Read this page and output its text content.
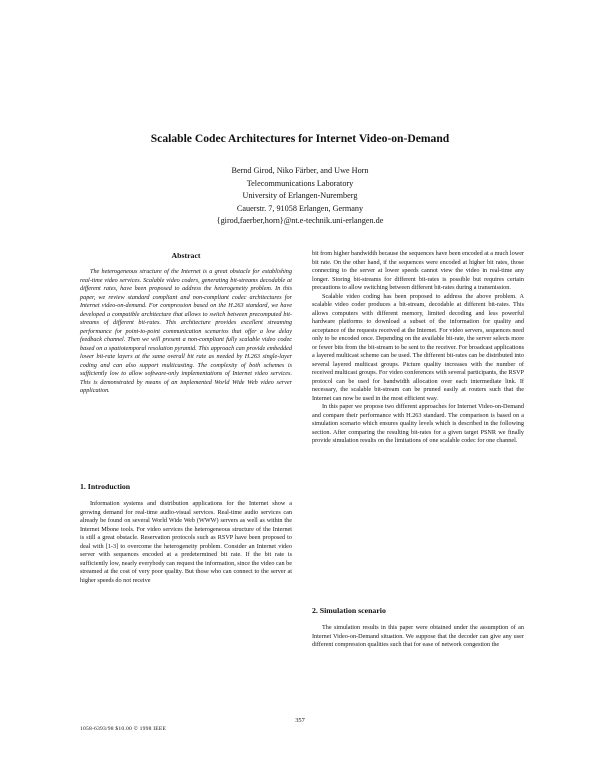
Scalable Codec Architectures for Internet Video-on-Demand
Bernd Girod, Niko Färber, and Uwe Horn
Telecommunications Laboratory
University of Erlangen-Nuremberg
Cauerstr. 7, 91058 Erlangen, Germany
{girod,faerber,horn}@nt.e-technik.uni-erlangen.de
Abstract

The heterogeneous structure of the Internet is a great obstacle for establishing real-time video services. Scalable video coders, generating bit-streams decodable at different rates, have been proposed to address the heterogeneity problem. In this paper, we review standard compliant and non-compliant codec architectures for Internet video-on-demand. For compression based on the H.263 standard, we have developed a compatible architecture that allows to switch between precomputed bit-streams of different bit-rates. This architecture provides excellent streaming performance for point-to-point communication scenarios that offer a low delay feedback channel. Then we will present a non-compliant fully scalable video codec based on a spatiotemporal resolution pyramid. This approach can provide embedded lower bit-rate layers at the same overall bit rate as needed by H.263 single-layer coding and can also support multicasting. The complexity of both schemes is sufficiently low to allow software-only implementations of Internet video services. This is demonstrated by means of an implemented World Wide Web video server application.

1. Introduction

Information systems and distribution applications for the Internet show a growing demand for real-time audio-visual services. Real-time audio services can already be found on several World Wide Web (WWW) servers as well as within the Internet Mbone tools. For video services the heterogeneous structure of the Internet is still a great obstacle. Reservation protocols such as RSVP have been proposed to deal with [1-3] to overcome the heterogeneity problem. Consider an Internet video server with sequences encoded at a predetermined bit rate. If the bit rate is sufficiently low, nearly everybody can request the information, since the video can be streamed at the cost of very poor quality. But those who can connect to the server at higher speeds do not receive

bit from higher bandwidth because the sequences have been encoded at a much lower bit rate. On the other hand, if the sequences were encoded at higher bit rates, those connecting to the server at lower speeds cannot view the video in real-time any longer. Storing bit-streams for different bit-rates is possible but requires certain precautions to allow switching between different bit-rates during a transmission.

Scalable video coding has been proposed to address the above problem. A scalable video coder produces a bit-stream, decodable at different bit-rates. This allows computers with different memory, limited decoding and less powerful hardware platforms to download a subset of the information for quality and acceptance of the requests received at the Internet. For video servers, sequences need only to be encoded once. Depending on the available bit-rate, the server selects more or fewer bits from the bit-stream to be sent to the receiver. For broadcast applications a layered multicast scheme can be used. The different bit-rates can be distributed into several layered multicast groups. Picture quality increases with the number of received multicast groups. For video conferences with several participants, the RSVP protocol can be used for bandwidth allocation over each intermediate link. If necessary, the scalable bit-stream can be pruned easily at routers such that the Internet can now be used in the most efficient way.

In this paper we propose two different approaches for Internet Video-on-Demand and compare their performance with H.263 standard. The comparison is based on a simulation scenario which ensures quality levels which is described in the following section. After comparing the resulting bit-rates for a given target PSNR we finally provide simulation results on the limitations of one scalable codec for one channel.

2. Simulation scenario

The simulation results in this paper were obtained under the assumption of an Internet Video-on-Demand situation. We suppose that the decoder can give any user different compression qualities such that for ease of network congestion the

357
1058-6393/98 $10.00 © 1998 IEEE
